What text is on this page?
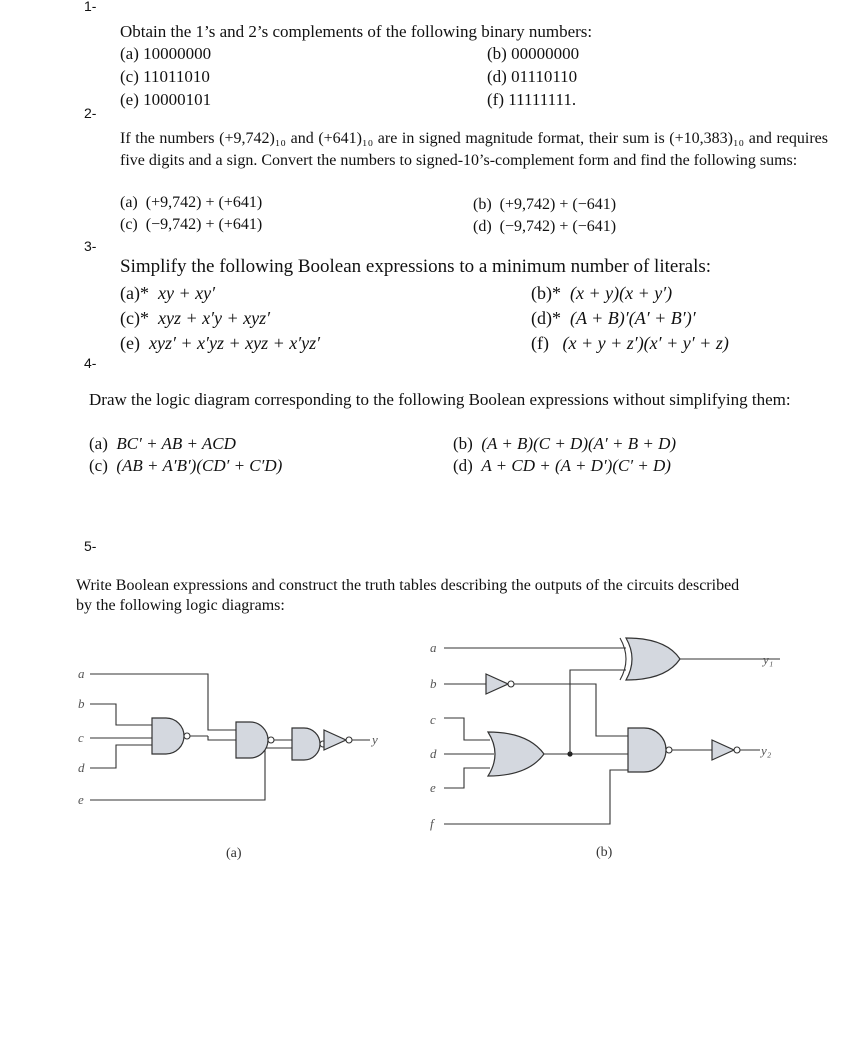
1-
2-
3-
4-
5-
Obtain the 1’s and 2’s complements of the following binary numbers:
(a) 10000000	(b) 00000000
(c) 11011010	(d) 01110110
(e) 10000101	(f) 11111111.
If the numbers (+9,742)₁₀ and (+641)₁₀ are in signed magnitude format, their sum is (+10,383)₁₀ and requires five digits and a sign. Convert the numbers to signed-10’s-complement form and find the following sums:
(a) (+9,742) + (+641)	(b) (+9,742) + (−641)
(c) (−9,742) + (+641)	(d) (−9,742) + (−641)
Simplify the following Boolean expressions to a minimum number of literals:
(a)* xy + xy′	(b)* (x + y)(x + y′)
(c)* xyz + x′y + xyz′	(d)* (A + B)′(A′ + B′)′
(e) xyz′ + x′yz + xyz + x′yz′	(f) (x + y + z′)(x′ + y′ + z)
Draw the logic diagram corresponding to the following Boolean expressions without simplifying them:
(a) BC′ + AB + ACD	(b) (A + B)(C + D)(A′ + B + D)
(c) (AB + A′B′)(CD′ + C′D)	(d) A + CD + (A + D′)(C′ + D)
Write Boolean expressions and construct the truth tables describing the outputs of the circuits described by the following logic diagrams:
a
b
c
d
e
y
(a)
a
b
c
d
e
f
y₁
y₂
(b)
